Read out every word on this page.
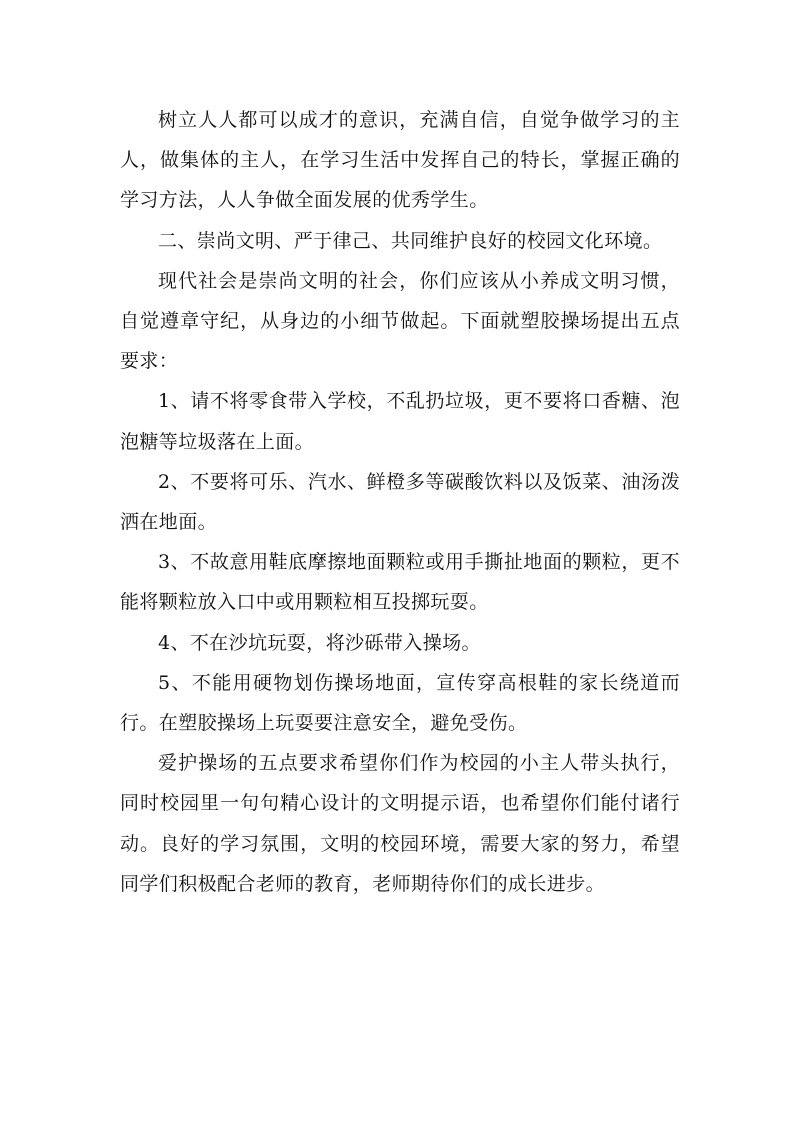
树立人人都可以成才的意识，充满自信，自觉争做学习的主人，做集体的主人，在学习生活中发挥自己的特长，掌握正确的学习方法，人人争做全面发展的优秀学生。

二、崇尚文明、严于律己、共同维护良好的校园文化环境。

现代社会是崇尚文明的社会，你们应该从小养成文明习惯，自觉遵章守纪，从身边的小细节做起。下面就塑胶操场提出五点要求：

1、请不将零食带入学校，不乱扔垃圾，更不要将口香糖、泡泡糖等垃圾落在上面。

2、不要将可乐、汽水、鲜橙多等碳酸饮料以及饭菜、油汤泼洒在地面。

3、不故意用鞋底摩擦地面颗粒或用手撕扯地面的颗粒，更不能将颗粒放入口中或用颗粒相互投掷玩耍。

4、不在沙坑玩耍，将沙砾带入操场。

5、不能用硬物划伤操场地面，宣传穿高根鞋的家长绕道而行。在塑胶操场上玩耍要注意安全，避免受伤。

爱护操场的五点要求希望你们作为校园的小主人带头执行，同时校园里一句句精心设计的文明提示语，也希望你们能付诸行动。良好的学习氛围，文明的校园环境，需要大家的努力，希望同学们积极配合老师的教育，老师期待你们的成长进步。
